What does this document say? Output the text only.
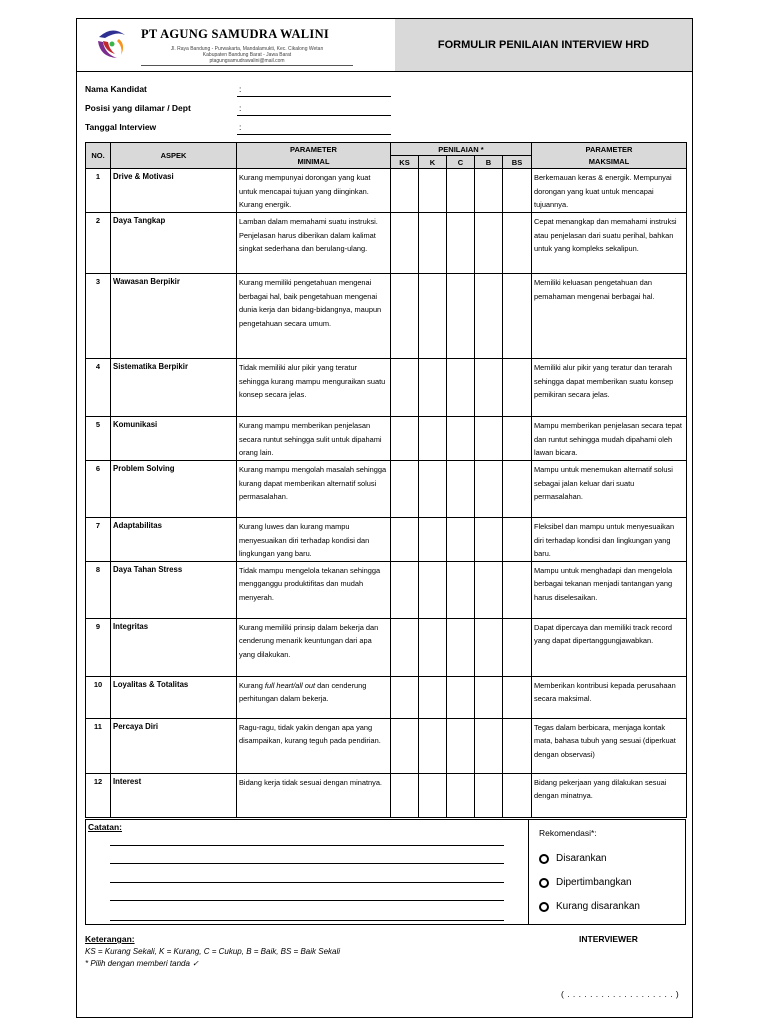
PT AGUNG SAMUDRA WALINI
Jl. Raya Bandung - Purwakarta, Mandalamukti, Kec. Cikalong Wetan
Kabupaten Bandung Barat - Jawa Barat
ptagungsamudrawalini@mail.com
FORMULIR PENILAIAN INTERVIEW HRD
Nama Kandidat	:
Posisi yang dilamar / Dept	:
Tanggal Interview	:
NO.	ASPEK	PARAMETER	PENILAIAN *					PARAMETER
		MINIMAL	KS	K	C	B	BS	MAKSIMAL
1	Drive & Motivasi	Kurang mempunyai dorongan yang kuat untuk mencapai tujuan yang diinginkan. Kurang energik.						Berkemauan keras & energik. Mempunyai dorongan yang kuat untuk mencapai tujuannya.
2	Daya Tangkap	Lamban dalam memahami suatu instruksi. Penjelasan harus diberikan dalam kalimat singkat sederhana dan berulang-ulang.						Cepat menangkap dan memahami instruksi atau penjelasan dari suatu perihal, bahkan untuk yang kompleks sekalipun.
3	Wawasan Berpikir	Kurang memiliki pengetahuan mengenai berbagai hal, baik pengetahuan mengenai dunia kerja dan bidang-bidangnya, maupun pengetahuan secara umum.						Memiliki keluasan pengetahuan dan pemahaman mengenai berbagai hal.
4	Sistematika Berpikir	Tidak memiliki alur pikir yang teratur sehingga kurang mampu menguraikan suatu konsep secara jelas.						Memiliki alur pikir yang teratur dan terarah sehingga dapat memberikan suatu konsep pemikiran secara jelas.
5	Komunikasi	Kurang mampu memberikan penjelasan secara runtut sehingga sulit untuk dipahami orang lain.						Mampu memberikan penjelasan secara tepat dan runtut sehingga mudah dipahami oleh lawan bicara.
6	Problem Solving	Kurang mampu mengolah masalah sehingga kurang dapat memberikan alternatif solusi permasalahan.						Mampu untuk menemukan alternatif solusi sebagai jalan keluar dari suatu permasalahan.
7	Adaptabilitas	Kurang luwes dan kurang mampu menyesuaikan diri terhadap kondisi dan lingkungan yang baru.						Fleksibel dan mampu untuk menyesuaikan diri terhadap kondisi dan lingkungan yang baru.
8	Daya Tahan Stress	Tidak mampu mengelola tekanan sehingga mengganggu produktifitas dan mudah menyerah.						Mampu untuk menghadapi dan mengelola berbagai tekanan menjadi tantangan yang harus diselesaikan.
9	Integritas	Kurang memiliki prinsip dalam bekerja dan cenderung menarik keuntungan dari apa yang dilakukan.						Dapat dipercaya dan memiliki track record yang dapat dipertanggungjawabkan.
10	Loyalitas & Totalitas	Kurang full heart/all out dan cenderung perhitungan dalam bekerja.						Memberikan kontribusi kepada perusahaan secara maksimal.
11	Percaya Diri	Ragu-ragu, tidak yakin dengan apa yang disampaikan, kurang teguh pada pendirian.						Tegas dalam berbicara, menjaga kontak mata, bahasa tubuh yang sesuai (diperkuat dengan observasi)
12	Interest	Bidang kerja tidak sesuai dengan minatnya.						Bidang pekerjaan yang dilakukan sesuai dengan minatnya.
Catatan:
Rekomendasi*:
Disarankan
Dipertimbangkan
Kurang disarankan
Keterangan:
KS = Kurang Sekali, K = Kurang, C = Cukup, B = Baik, BS = Baik Sekali
* Pilih dengan memberi tanda ✓
INTERVIEWER
( . . . . . . . . . . . . . . . . . . . )
